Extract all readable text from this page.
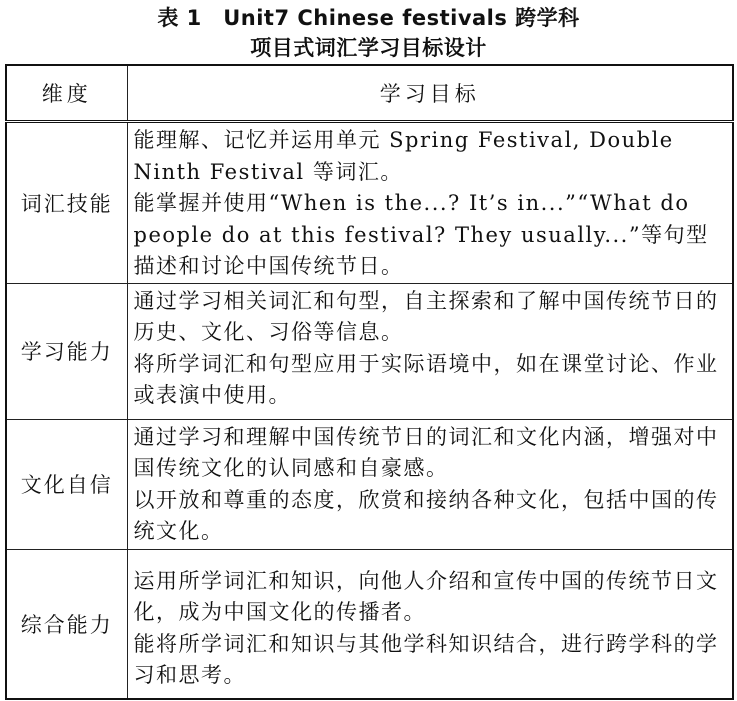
表 1　Unit7 Chinese festivals 跨学科
项目式词汇学习目标设计
维度	学习目标
词汇技能	能理解、记忆并运用单元 Spring Festival, Double Ninth Festival 等词汇。
能掌握并使用“When is the...? It’s in...”“What do people do at this festival? They usually...”等句型描述和讨论中国传统节日。

学习能力	通过学习相关词汇和句型，自主探索和了解中国传统节日的历史、文化、习俗等信息。
将所学词汇和句型应用于实际语境中，如在课堂讨论、作业或表演中使用。

文化自信	通过学习和理解中国传统节日的词汇和文化内涵，增强对中国传统文化的认同感和自豪感。
以开放和尊重的态度，欣赏和接纳各种文化，包括中国的传统文化。

综合能力	运用所学词汇和知识，向他人介绍和宣传中国的传统节日文化，成为中国文化的传播者。
能将所学词汇和知识与其他学科知识结合，进行跨学科的学习和思考。
